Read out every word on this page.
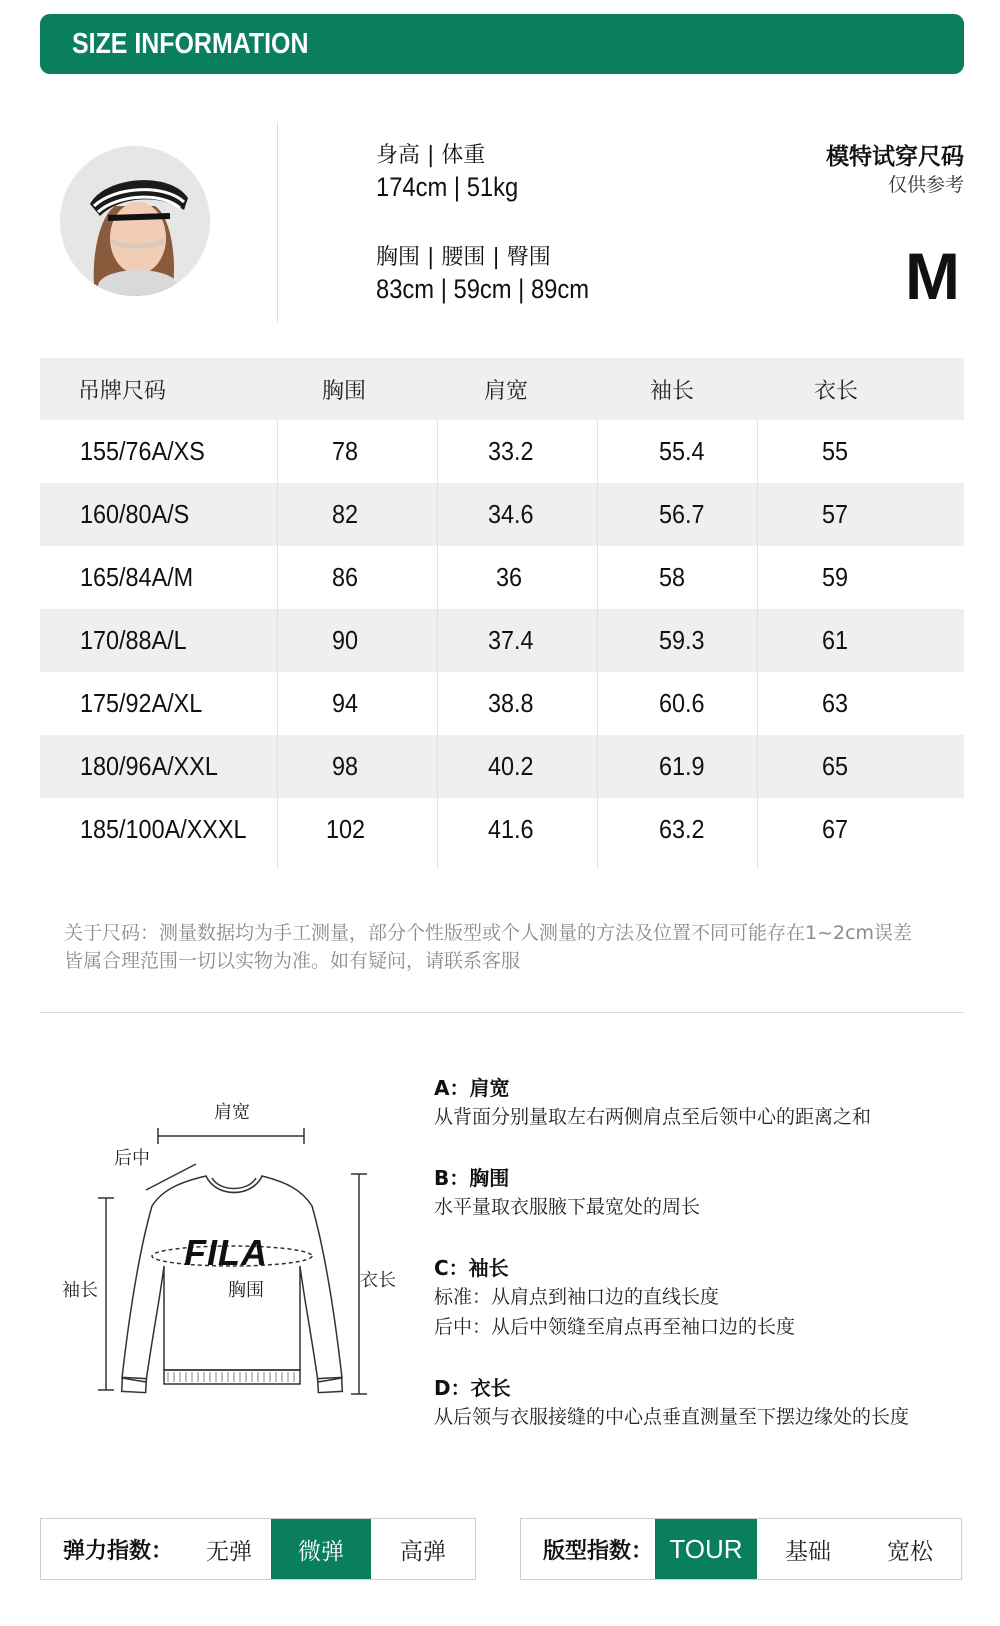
SIZE INFORMATION
身高 | 体重
174cm | 51kg
胸围 | 腰围 | 臀围
83cm | 59cm | 89cm
模特试穿尺码
仅供参考
M
吊牌尺码	胸围	肩宽	袖长	衣长
155/76A/XS	78	33.2	55.4	55
160/80A/S	82	34.6	56.7	57
165/84A/M	86	36	58	59
170/88A/L	90	37.4	59.3	61
175/92A/XL	94	38.8	60.6	63
180/96A/XXL	98	40.2	61.9	65
185/100A/XXXL	102	41.6	63.2	67
关于尺码：测量数据均为手工测量，部分个性版型或个人测量的方法及位置不同可能存在1~2cm误差
皆属合理范围一切以实物为准。如有疑问，请联系客服
FILA
肩宽
后中
袖长	胸围	衣长
A：肩宽
从背面分别量取左右两侧肩点至后领中心的距离之和
B：胸围
水平量取衣服腋下最宽处的周长
C：袖长
标准：从肩点到袖口边的直线长度
后中：从后中领缝至肩点再至袖口边的长度
D：衣长
从后领与衣服接缝的中心点垂直测量至下摆边缘处的长度
弹力指数：	无弹	微弹	高弹	版型指数： TOUR	基础	宽松
